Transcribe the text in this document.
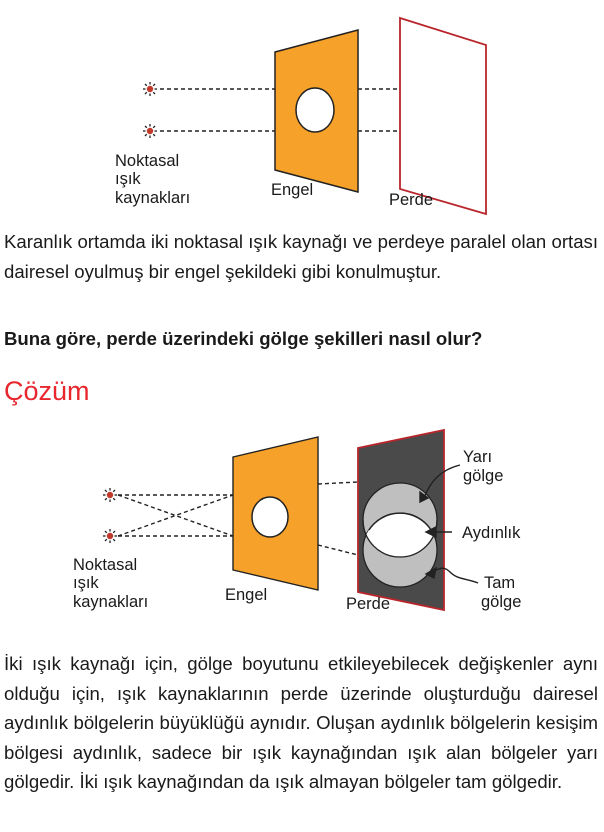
Noktasal
ışık
kaynakları	Engel
Perde
Karanlık ortamda iki noktasal ışık kaynağı ve perdeye paralel olan ortası dairesel oyulmuş bir engel şekildeki gibi konulmuştur.
Buna göre, perde üzerindeki gölge şekilleri nasıl olur?
Çözüm
Noktasal
ışık
kaynakları	Engel	Perde
Yarı
gölge
Aydınlık
Tam
gölge
İki ışık kaynağı için, gölge boyutunu etkileyebilecek değişkenler aynı olduğu için, ışık kaynaklarının perde üzerinde oluşturduğu dairesel aydınlık bölgelerin büyüklüğü aynıdır. Oluşan aydınlık bölgelerin kesişim bölgesi aydınlık, sadece bir ışık kaynağından ışık alan bölgeler yarı gölgedir. İki ışık kaynağından da ışık almayan bölgeler tam gölgedir.
